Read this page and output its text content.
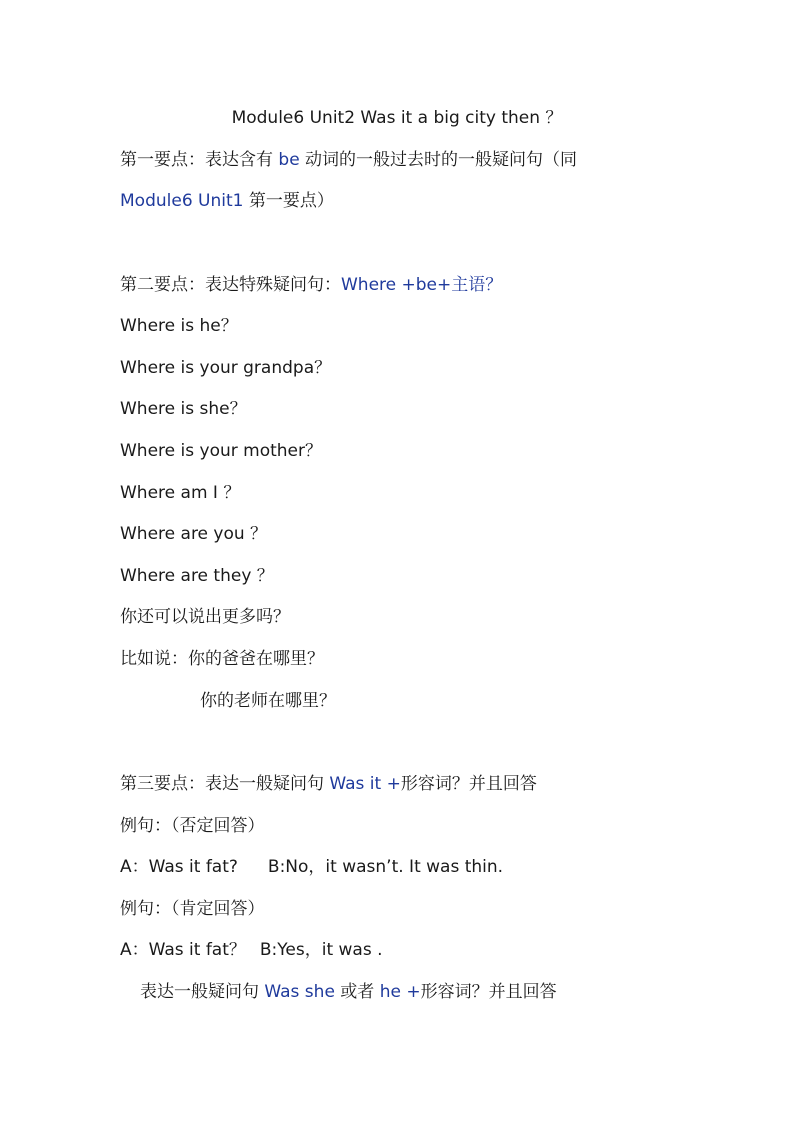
Module6 Unit2 Was it a big city then ？
第一要点：表达含有 be 动词的一般过去时的一般疑问句（同
Module6 Unit1 第一要点）
第二要点：表达特殊疑问句：Where +be+主语？
Where is he？
Where is your grandpa？
Where is she？
Where is your mother？
Where am I ？
Where are you ？
Where are they ？
你还可以说出更多吗？
比如说：你的爸爸在哪里？
你的老师在哪里？
第三要点：表达一般疑问句 Was it +形容词？并且回答
例句：（否定回答）
A：Was it fat? B:No，it wasn’t. It was thin.
例句：（肯定回答）
A：Was it fat？ B:Yes，it was .
表达一般疑问句 Was she 或者 he +形容词？并且回答
